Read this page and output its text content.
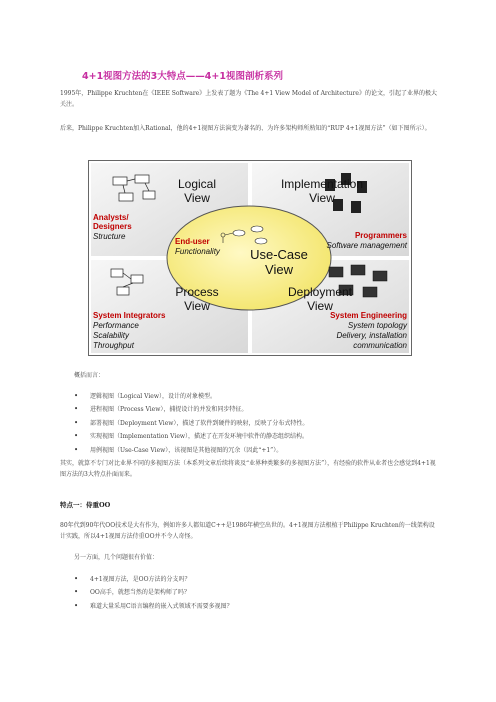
4+1视图方法的3大特点——4+1视图剖析系列
1995年，Philippe Kruchten在《IEEE Software》上发表了题为《The 4+1 View Model of Architecture》的论文，引起了业界的极大关注。
后来，Philippe Kruchten加入Rational，他的4+1视图方法演变为著名的、为许多架构师所熟知的“RUP 4+1视图方法”（如下图所示）。
Logical
View
Implementation
View
Process
View
Deployment
View
Use-Case
View
End-user
Functionality
Analysts/
Designers
Structure	Programmers
Software management
System Integrators
Performance
Scalability
Throughput
System Engineering
System topology
Delivery, installation
communication
概括而言：
• 逻辑视图（Logical View），设计的对象模型。
• 进程视图（Process View），捕捉设计的并发和同步特征。
• 部署视图（Deployment View），描述了软件到硬件的映射，反映了分布式特性。
• 实现视图（Implementation View），描述了在开发环境中软件的静态组织结构。
• 用例视图（Use-Case View），该视图是其他视图的冗余（因此“+1”）。
其实，就算不专门对比业界不同的多视图方法（本系列文章后续将谈及“业界种类繁多的多视图方法”），有经验的软件从业者也会感觉到4+1视图方法的3大特点扑面而来。
特点一：侍重OO
80年代到90年代OO技术是大有作为，例如许多人都知道C++是1986年横空出世的。4+1视图方法根植于Philippe Kruchten的一线架构设计实践，所以4+1视图方法侍重OO并不令人奇怪。
另一方面，几个问题很有价值：
• 4+1视图方法，是OO方法的分支吗？
• OO高手，就想当然的是架构师了吗？
• 难道大量采用C语言编程的嵌入式领域不需要多视图？
